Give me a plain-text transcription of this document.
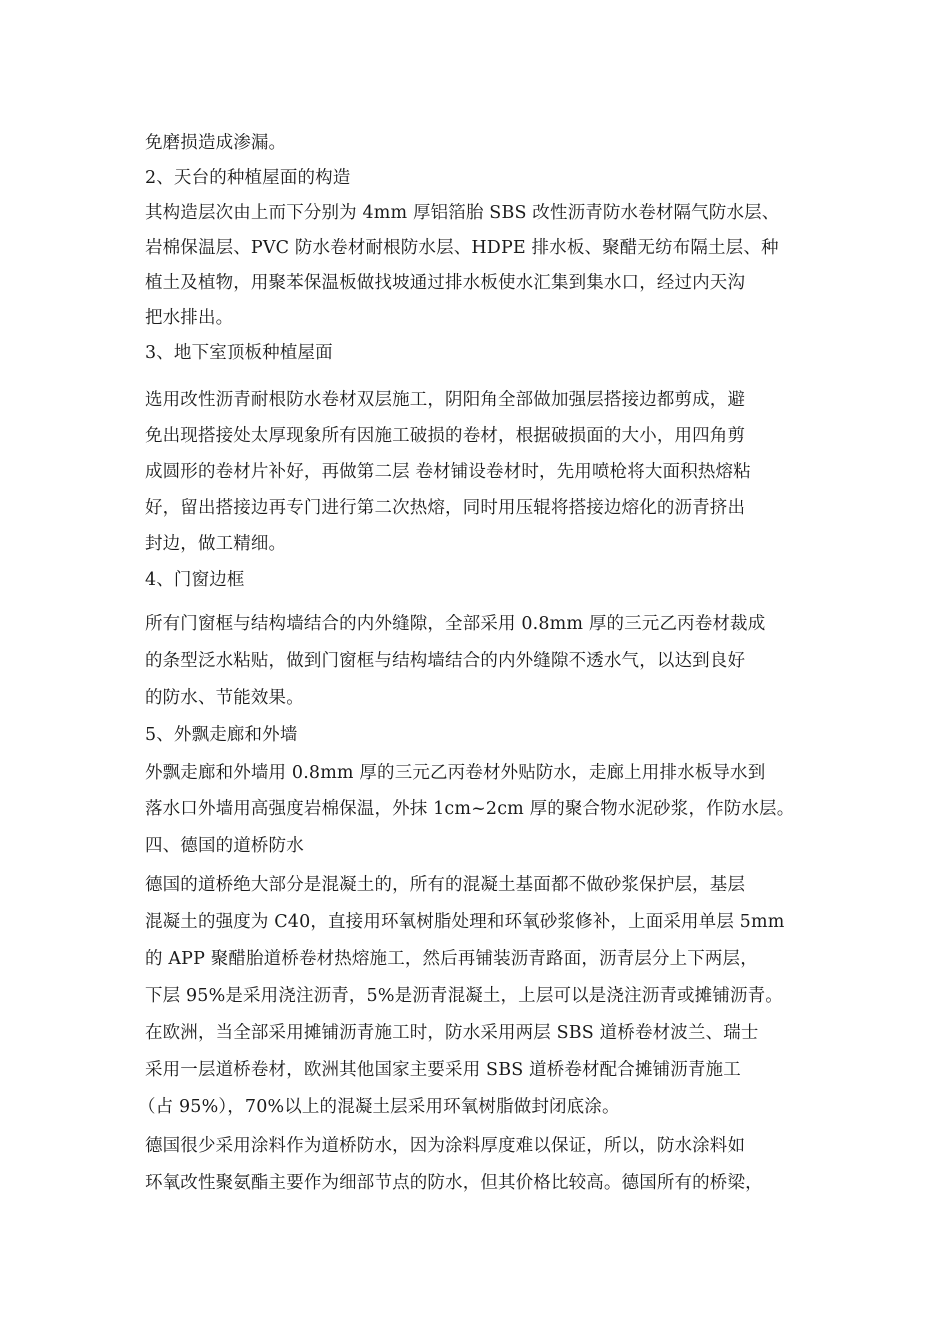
免磨损造成渗漏。
2、天台的种植屋面的构造
其构造层次由上而下分别为 4mm 厚铝箔胎 SBS 改性沥青防水卷材隔气防水层、
岩棉保温层、PVC 防水卷材耐根防水层、HDPE 排水板、聚醋无纺布隔土层、种
植土及植物，用聚苯保温板做找坡通过排水板使水汇集到集水口，经过内天沟
把水排出。
3、地下室顶板种植屋面
选用改性沥青耐根防水卷材双层施工，阴阳角全部做加强层搭接边都剪成，避
免出现搭接处太厚现象所有因施工破损的卷材，根据破损面的大小，用四角剪
成圆形的卷材片补好，再做第二层 卷材铺设卷材时，先用喷枪将大面积热熔粘
好，留出搭接边再专门进行第二次热熔，同时用压辊将搭接边熔化的沥青挤出
封边，做工精细。
4、门窗边框
所有门窗框与结构墙结合的内外缝隙，全部采用 0.8mm 厚的三元乙丙卷材裁成
的条型泛水粘贴，做到门窗框与结构墙结合的内外缝隙不透水气，以达到良好
的防水、节能效果。
5、外飘走廊和外墙
外飘走廊和外墙用 0.8mm 厚的三元乙丙卷材外贴防水，走廊上用排水板导水到
落水口外墙用高强度岩棉保温，外抹 1cm~2cm 厚的聚合物水泥砂浆，作防水层。
四、德国的道桥防水
德国的道桥绝大部分是混凝土的，所有的混凝土基面都不做砂浆保护层，基层
混凝土的强度为 C40，直接用环氧树脂处理和环氧砂浆修补，上面采用单层 5mm
的 APP 聚醋胎道桥卷材热熔施工，然后再铺装沥青路面，沥青层分上下两层，
下层 95%是采用浇注沥青，5%是沥青混凝土，上层可以是浇注沥青或摊铺沥青。
在欧洲，当全部采用摊铺沥青施工时，防水采用两层 SBS 道桥卷材波兰、瑞士
采用一层道桥卷材，欧洲其他国家主要采用 SBS 道桥卷材配合摊铺沥青施工
（占 95%），70%以上的混凝土层采用环氧树脂做封闭底涂。
德国很少采用涂料作为道桥防水，因为涂料厚度难以保证，所以，防水涂料如
环氧改性聚氨酯主要作为细部节点的防水，但其价格比较高。德国所有的桥梁，
